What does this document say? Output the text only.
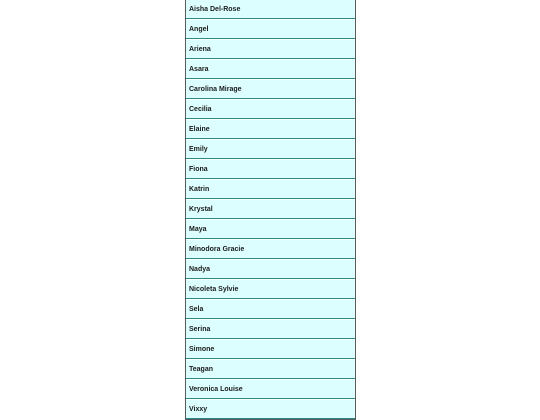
Aisha Del-Rose
Angel
Ariena
Asara
Carolina Mirage
Cecilia
Elaine
Emily
Fiona
Katrin
Krystal
Maya
Minodora Gracie
Nadya
Nicoleta Sylvie
Sela
Serina
Simone
Teagan
Veronica Louise
Vixxy
